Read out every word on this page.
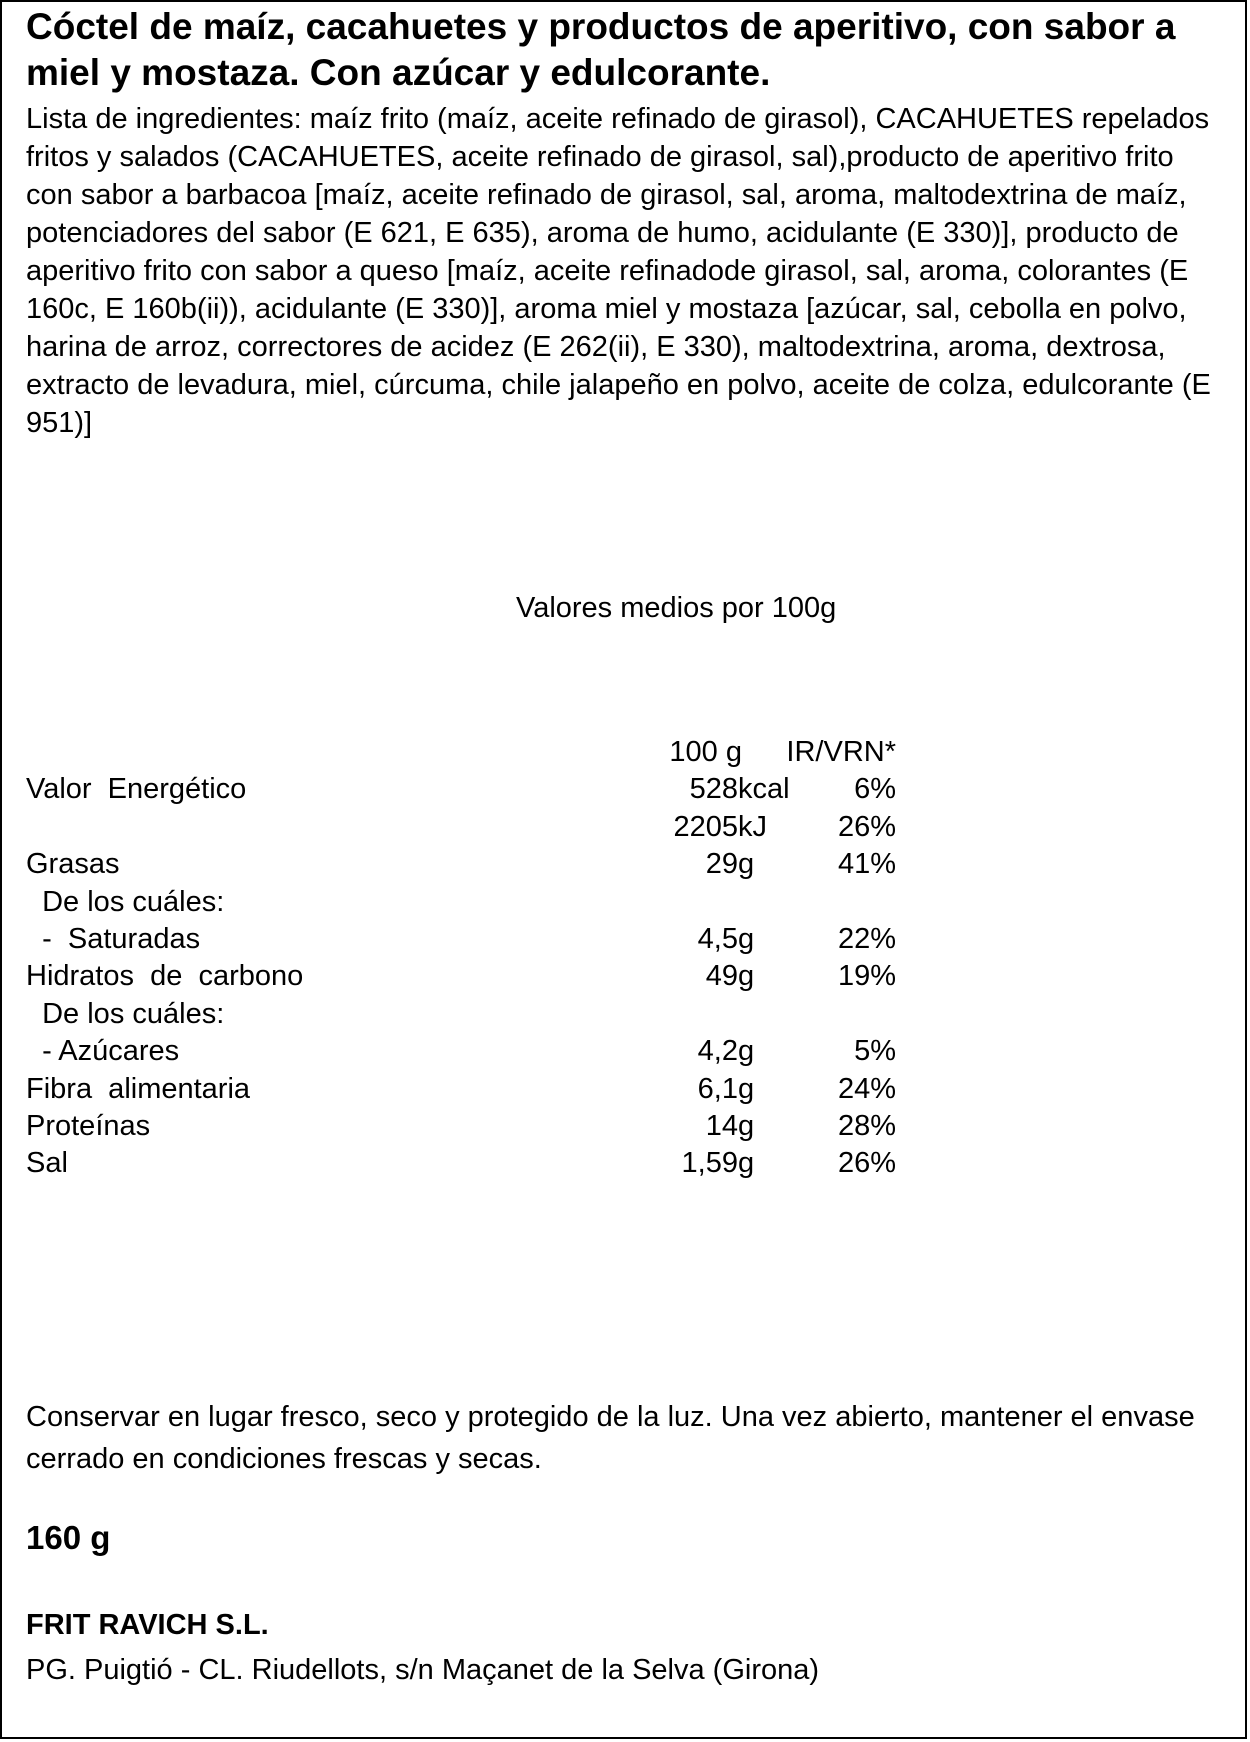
Cóctel de maíz, cacahuetes y productos de aperitivo, con sabor a miel y mostaza. Con azúcar y edulcorante.

Lista de ingredientes: maíz frito (maíz, aceite refinado de girasol), CACAHUETES repelados fritos y salados (CACAHUETES, aceite refinado de girasol, sal),producto de aperitivo frito con sabor a barbacoa [maíz, aceite refinado de girasol, sal, aroma, maltodextrina de maíz, potenciadores del sabor (E 621, E 635), aroma de humo, acidulante (E 330)], producto de aperitivo frito con sabor a queso [maíz, aceite refinadode girasol, sal, aroma, colorantes (E 160c, E 160b(ii)), acidulante (E 330)], aroma miel y mostaza [azúcar, sal, cebolla en polvo, harina de arroz, correctores de acidez (E 262(ii), E 330), maltodextrina, aroma, dextrosa, extracto de levadura, miel, cúrcuma, chile jalapeño en polvo, aceite de colza, edulcorante (E 951)]

Valores medios por 100g

100 g IR/VRN*
Valor  Energético	528 kcal 6%
2205 kJ 26%
Grasas	29 g	41%
De los cuáles:
-  Saturadas	4,5 g	22%
Hidratos  de  carbono	49 g	19%
De los cuáles:
- Azúcares	4,2 g	5%
Fibra  alimentaria	6,1 g	24%
Proteínas	14 g	28%
Sal	1,59 g	26%

Conservar en lugar fresco, seco y protegido de la luz. Una vez abierto, mantener el envase cerrado en condiciones frescas y secas.

160 g

FRIT RAVICH S.L.

PG. Puigtió - CL. Riudellots, s/n Maçanet de la Selva (Girona)
